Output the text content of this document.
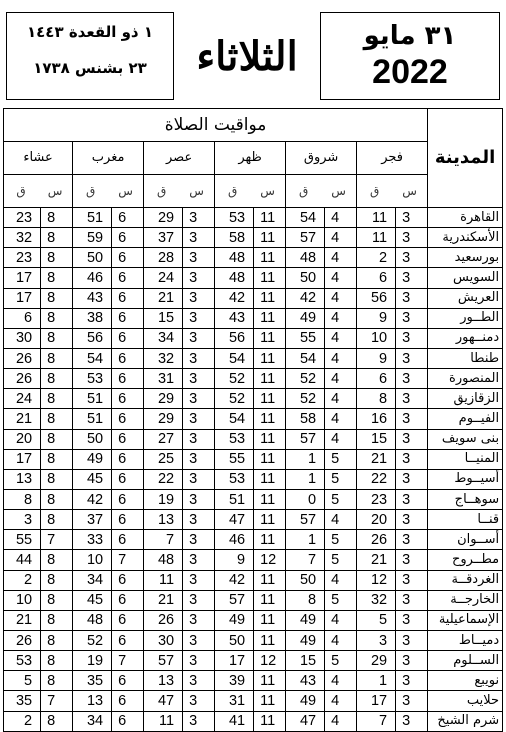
٣١ مايو
2022
الثلاثاء
١ ذو القعدة ١٤٤٣
٢٣ بشنس ١٧٣٨
المدينة	مواقيت الصلاة											
	فجر		شروق		ظهر		عصر		مغرب		عشاء	
	سق		سق		سق		سق		سق		سق	
القاهرة	3	11	4	54	11	53	3	29	6	51	8	23
الأسكندرية	3	11	4	57	11	58	3	37	6	59	8	32
بورسعيد	3	2	4	48	11	48	3	28	6	50	8	23
السويس	3	6	4	50	11	48	3	24	6	46	8	17
العريش	3	56	4	42	11	42	3	21	6	43	8	17
الطــور	3	9	4	49	11	43	3	15	6	38	8	6
دمنــهور	3	10	4	55	11	56	3	34	6	56	8	30
طنطا	3	9	4	54	11	54	3	32	6	54	8	26
المنصورة	3	6	4	52	11	52	3	31	6	53	8	26
الزقازيق	3	8	4	52	11	52	3	29	6	51	8	24
الفيــوم	3	16	4	58	11	54	3	29	6	51	8	21
بنى سويف	3	15	4	57	11	53	3	27	6	50	8	20
المنيــا	3	21	5	1	11	55	3	25	6	49	8	17
أسيــوط	3	22	5	1	11	53	3	22	6	45	8	13
سوهــاج	3	23	5	0	11	51	3	19	6	42	8	8
قنــا	3	20	4	57	11	47	3	13	6	37	8	3
أســوان	3	26	5	1	11	46	3	7	6	33	7	55
مطــروح	3	21	5	7	12	9	3	48	7	10	8	44
الغردقــة	3	12	4	50	11	42	3	11	6	34	8	2
الخارجــة	3	32	5	8	11	57	3	21	6	45	8	10
الإسماعيلية	3	5	4	49	11	49	3	26	6	48	8	21
دميــاط	3	3	4	49	11	50	3	30	6	52	8	26
الســلوم	3	29	5	15	12	17	3	57	7	19	8	53
نويبع	3	1	4	43	11	39	3	13	6	35	8	5
حلايب	3	17	4	49	11	31	3	47	6	13	7	35
شرم الشيخ	3	7	4	47	11	41	3	11	6	34	8	2
